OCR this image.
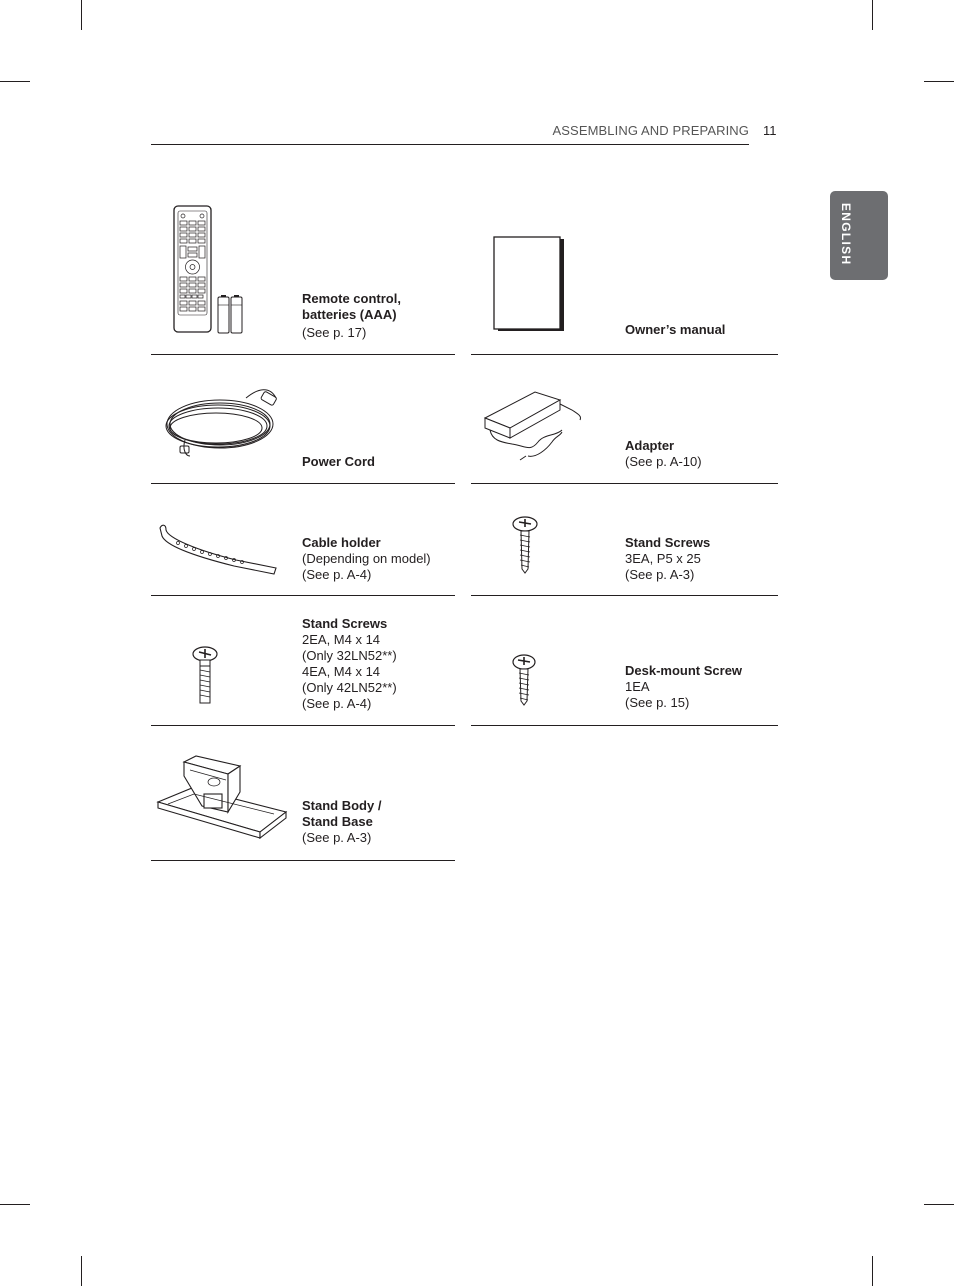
ASSEMBLING AND PREPARING 11
ENGLISH
Remote control,
batteries (AAA)
(See p. 17)	Owner’s manual
Power Cord
Adapter
(See p. A-10)
Cable holder
(Depending on model)
(See p. A-4)
Stand Screws
3EA, P5 x 25
(See p. A-3)
Stand Screws
2EA, M4 x 14
(Only 32LN52**)
4EA, M4 x 14
(Only 42LN52**)
(See p. A-4)
Desk-mount Screw
1EA
(See p. 15)
Stand Body /
Stand Base
(See p. A-3)
